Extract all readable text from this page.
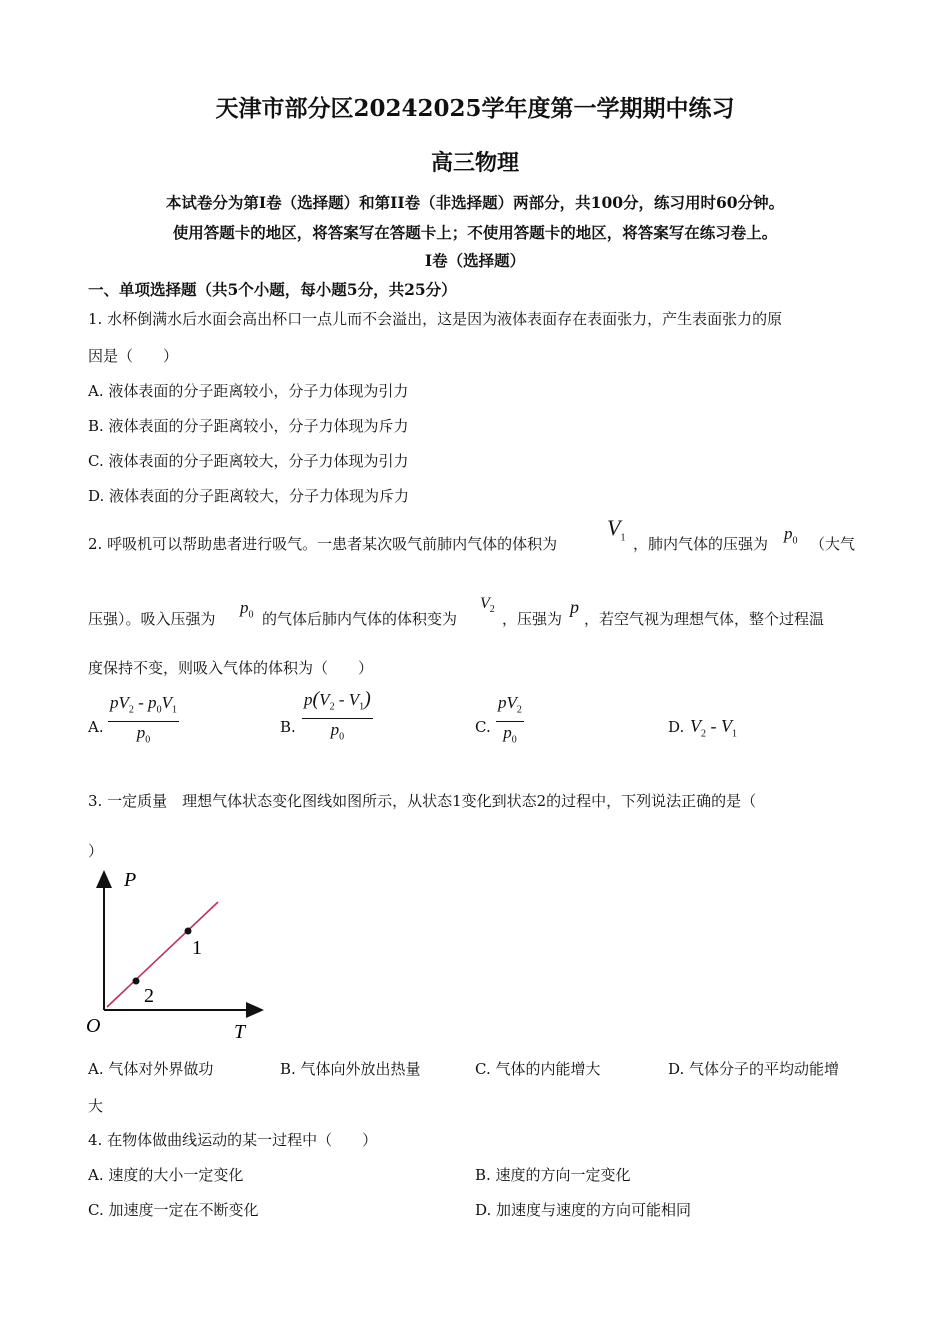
天津市部分区20242025学年度第一学期期中练习
高三物理
本试卷分为第I卷（选择题）和第II卷（非选择题）两部分，共100分，练习用时60分钟。
使用答题卡的地区，将答案写在答题卡上；不使用答题卡的地区，将答案写在练习卷上。
I卷（选择题）
一、单项选择题（共5个小题，每小题5分，共25分）
1. 水杯倒满水后水面会高出杯口一点儿而不会溢出，这是因为液体表面存在表面张力，产生表面张力的原
因是（　　）
A. 液体表面的分子距离较小，分子力体现为引力
B. 液体表面的分子距离较小，分子力体现为斥力
C. 液体表面的分子距离较大，分子力体现为引力
D. 液体表面的分子距离较大，分子力体现为斥力
2. 呼吸机可以帮助患者进行吸气。一患者某次吸气前肺内气体的体积为
$V_1$ ，肺内气体的压强为
$p_0$ （大气
压强）。吸入压强为
$p_0$ 的气体后肺内气体的体积变为
$V_2$
，压强为
p
，若空气视为理想气体，整个过程温
度保持不变，则吸入气体的体积为（　　）
A.
$pV_2 - p_0V_1$
$p_0$
B.
$p(V_2 - V_1)$
$p_0$
C.
$pV_2$
$p_0$
D. $V_2 - V_1$
3. 一定质量　理想气体状态变化图线如图所示，从状态1变化到状态2的过程中，下列说法正确的是（
）
P
T
O
1
2
A. 气体对外界做功	B. 气体向外放出热量	C. 气体的内能增大	D. 气体分子的平均动能增
大
4. 在物体做曲线运动的某一过程中（　　）
A. 速度的大小一定变化	B. 速度的方向一定变化
C. 加速度一定在不断变化	D. 加速度与速度的方向可能相同
